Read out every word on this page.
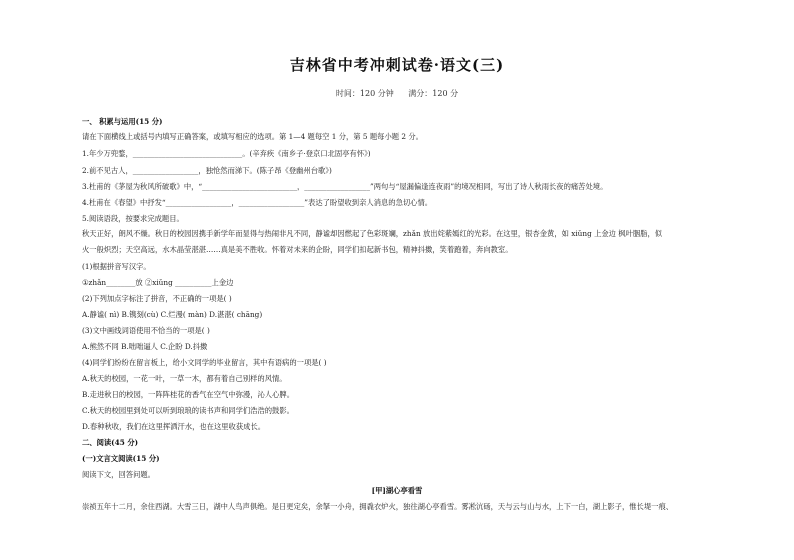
吉林省中考冲刺试卷·语文(三)
时间：120 分钟 满分：120 分
一、 积累与运用(15 分)
请在下面横线上或括号内填写正确答案，或填写相应的选项。第 1—4 题每空 1 分，第 5 题每小题 2 分。
1.年少万兜鍪，______________________________。(辛弃疾《南乡子·登京口北固亭有怀》)
2.前不见古人，__________________，独怆然而涕下。(陈子昂《登幽州台歌》)
3.杜甫的《茅屋为秋风所破歌》中，“__________________________，__________________”两句与“屋漏偏逢连夜雨”的境况相同，写出了诗人秋雨长夜的痛苦处境。
4.杜甫在《春望》中抒发“__________________，__________________”表达了盼望收到亲人消息的急切心情。
5.阅读语段，按要求完成题目。
秋天正好，朗风不燥。秋日的校园因携手新学年而显得与热闹非凡不同，静谧却因燃起了色彩斑斓，zhǎn 放出姹紫嫣红的光彩。在这里，银杏金黄，如 xiǔng 上金边 枫叶胭脂，似
火一般炽烈；天空高远，水木晶莹湛湛……真是美不胜收。怀着对未来的企盼，同学们扣起新书包，精神抖擞，笑着跑着，奔向教室。
(1)根据拼音写汉字。
①zhǎn________放 ②xiǔng __________上金边
(2)下列加点字标注了拼音，不正确的一项是( )
A.静谧( nì) B.镌刻(cù) C.烂漫( màn) D.湛湛( chāng)
(3)文中画线词语使用不恰当的一项是( )
A.熊然不同 B.咄咄逼人 C.企盼 D.抖擞
(4)同学们纷纷在留言板上，给小文同学的毕业留言，其中有语病的一项是( )
A.秋天的校园，一花一叶，一草一木，都有着自己别样的风情。
B.走进秋日的校园，一阵阵桂花的香气在空气中弥漫，沁人心脾。
C.秋天的校园里到处可以听到琅琅的读书声和同学们浩浩的鼓影。
D.春种秋收，我们在这里挥洒汗水，也在这里收获成长。
二、阅读(45 分)
(一)文言文阅读(15 分)
阅读下文，回答问题。
[甲]湖心亭看雪
崇祯五年十二月，余住西湖。大雪三日，湖中人鸟声俱绝。是日更定矣，余拏一小舟，拥毳衣炉火，独往湖心亭看雪。雾凇沆砀，天与云与山与水，上下一白，湖上影子，惟长堤一痕、
